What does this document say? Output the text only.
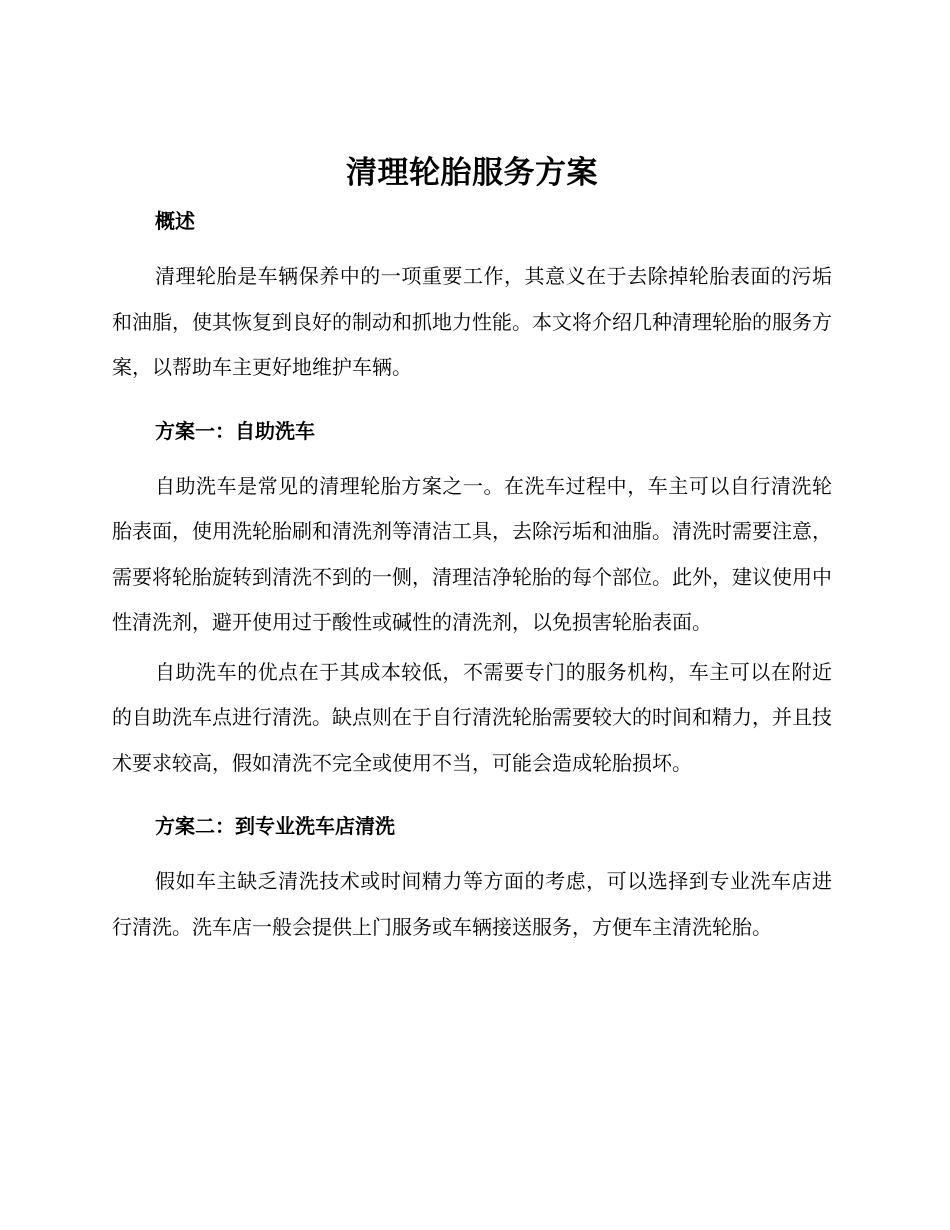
清理轮胎服务方案
概述

清理轮胎是车辆保养中的一项重要工作，其意义在于去除掉轮胎表面的污垢和油脂，使其恢复到良好的制动和抓地力性能。本文将介绍几种清理轮胎的服务方案，以帮助车主更好地维护车辆。

方案一：自助洗车

自助洗车是常见的清理轮胎方案之一。在洗车过程中，车主可以自行清洗轮胎表面，使用洗轮胎刷和清洗剂等清洁工具，去除污垢和油脂。清洗时需要注意，需要将轮胎旋转到清洗不到的一侧，清理洁净轮胎的每个部位。此外，建议使用中性清洗剂，避开使用过于酸性或碱性的清洗剂，以免损害轮胎表面。

自助洗车的优点在于其成本较低，不需要专门的服务机构，车主可以在附近的自助洗车点进行清洗。缺点则在于自行清洗轮胎需要较大的时间和精力，并且技术要求较高，假如清洗不完全或使用不当，可能会造成轮胎损坏。

方案二：到专业洗车店清洗

假如车主缺乏清洗技术或时间精力等方面的考虑，可以选择到专业洗车店进行清洗。洗车店一般会提供上门服务或车辆接送服务，方便车主清洗轮胎。
